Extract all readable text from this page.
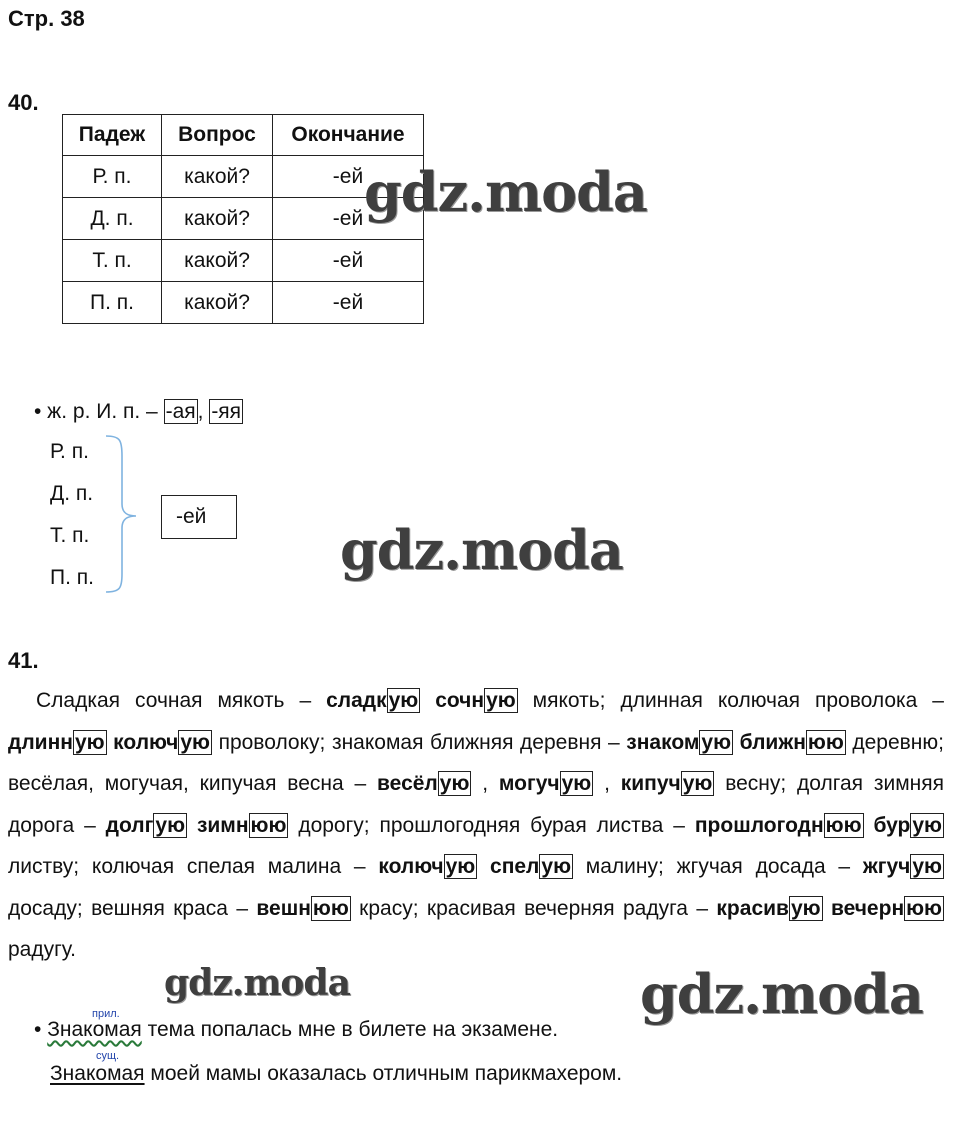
Стр. 38
40.
Падеж	Вопрос	Окончание
Р. п.	какой?	-ей
Д. п.	какой?	-ей
Т. п.	какой?	-ей
П. п.	какой?	-ей
• ж. р. И. п. – -ая, -яя
Р. п.
Д. п.
Т. п.
П. п.
-ей
41.
Сладкая сочная мякоть – сладкую сочную мякоть; длинная колючая проволока – длинную колючую проволоку; знакомая ближняя деревня – знакомую ближнюю деревню; весёлая, могучая, кипучая весна – весёлую , могучую , кипучую весну; долгая зимняя дорога – долгую зимнюю дорогу; прошлогодняя бурая листва – прошлогоднюю бурую листву; колючая спелая малина – колючую спелую малину; жгучая досада – жгучую досаду; вешняя краса – вешнюю красу; красивая вечерняя радуга – красивую вечернюю радугу.
прил.
• Знакомая тема попалась мне в билете на экзамене.
сущ.
Знакомая моей мамы оказалась отличным парикмахером.
gdz.moda
gdz.moda
gdz.moda	gdz.moda
